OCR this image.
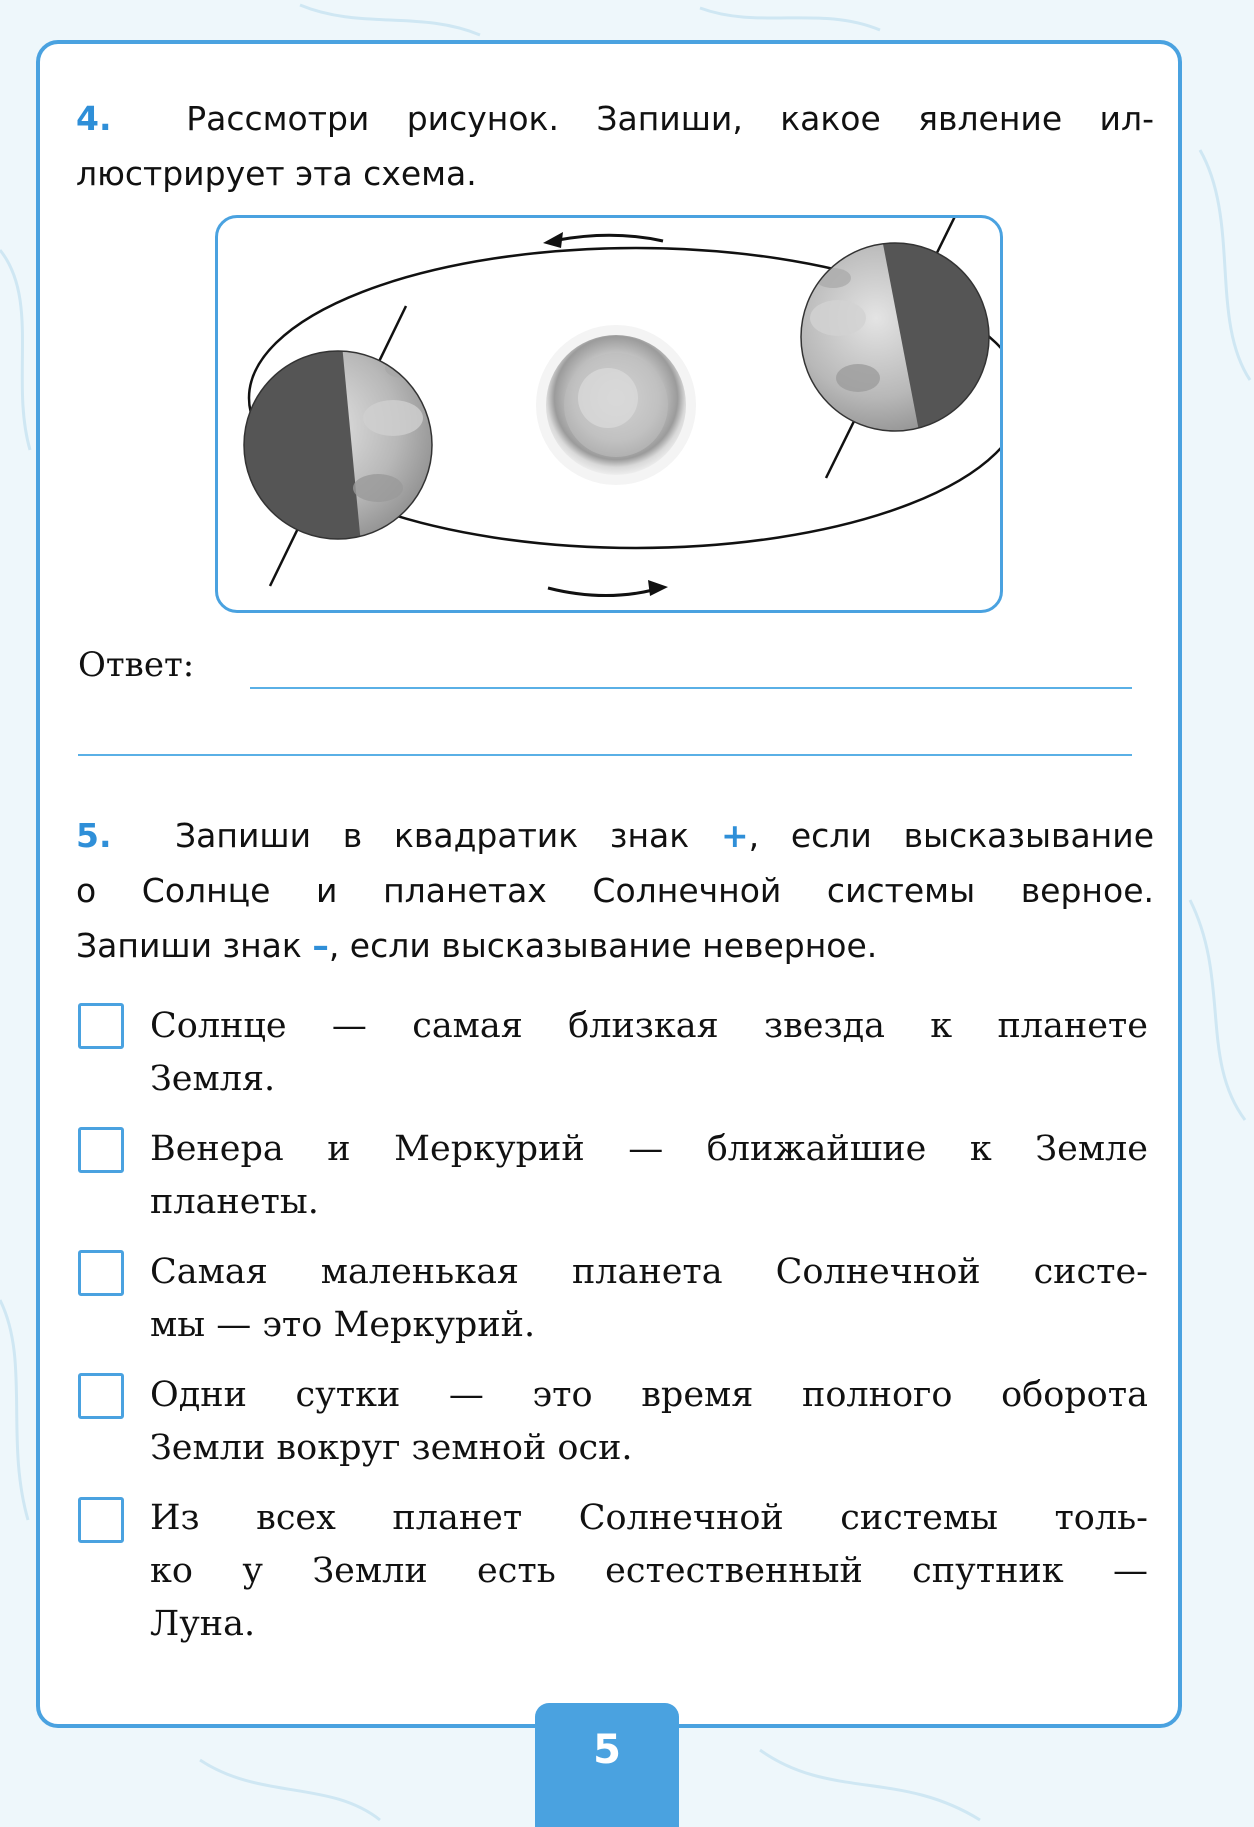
4. Рассмотри рисунок. Запиши, какое явление ил-
люстрирует эта схема.
Ответ:
5. Запиши в квадратик знак +, если высказывание
о Солнце и планетах Солнечной системы верное.
Запиши знак –, если высказывание неверное.
Солнце — самая близкая звезда к планете
Земля.
Венера и Меркурий — ближайшие к Земле
планеты.
Самая маленькая планета Солнечной систе-
мы — это Меркурий.
Одни сутки — это время полного оборота
Земли вокруг земной оси.
Из всех планет Солнечной системы толь-
ко у Земли есть естественный спутник —
Луна.
5
